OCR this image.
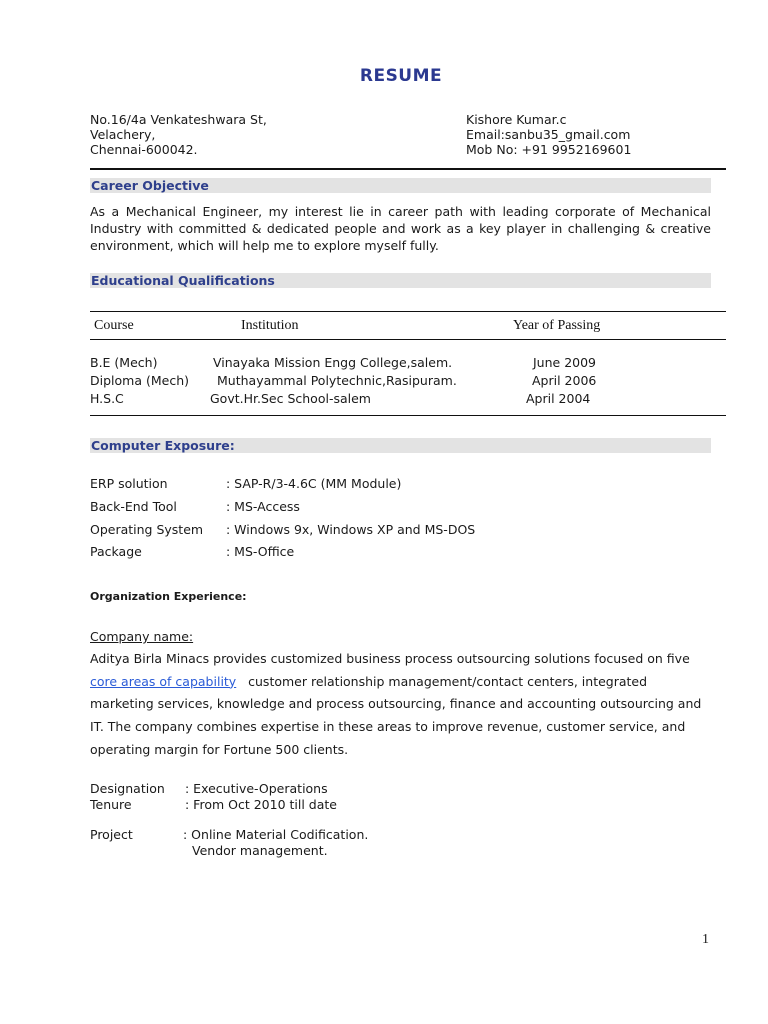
RESUME
No.16/4a Venkateshwara St,
Velachery,
Chennai-600042.
Kishore Kumar.c
Email:sanbu35_gmail.com
Mob No: +91 9952169601
Career Objective
As a Mechanical Engineer, my interest lie in career path with leading corporate of Mechanical Industry with committed & dedicated people and work as a key player in challenging & creative environment, which will help me to explore myself fully.
Educational Qualifications
Course	Institution	Year of Passing
B.E (Mech)	Vinayaka Mission Engg College,salem.	June 2009
Diploma (Mech) Muthayammal Polytechnic,Rasipuram.	April 2006
H.S.C	Govt.Hr.Sec School-salem	April 2004
Computer Exposure:
ERP solution	: SAP-R/3-4.6C (MM Module)
Back-End Tool	: MS-Access
Operating System : Windows 9x, Windows XP and MS-DOS
Package	: MS-Office
Organization Experience:
Company name:
Aditya Birla Minacs provides customized business process outsourcing solutions focused on five
core areas of capability customer relationship management/contact centers, integrated marketing services, knowledge and process outsourcing, finance and accounting outsourcing and IT. The company combines expertise in these areas to improve revenue, customer service, and operating margin for Fortune 500 clients.
Designation : Executive-Operations
Tenure	: From Oct 2010 till date
Project	: Online Material Codification.
Vendor management.
1
